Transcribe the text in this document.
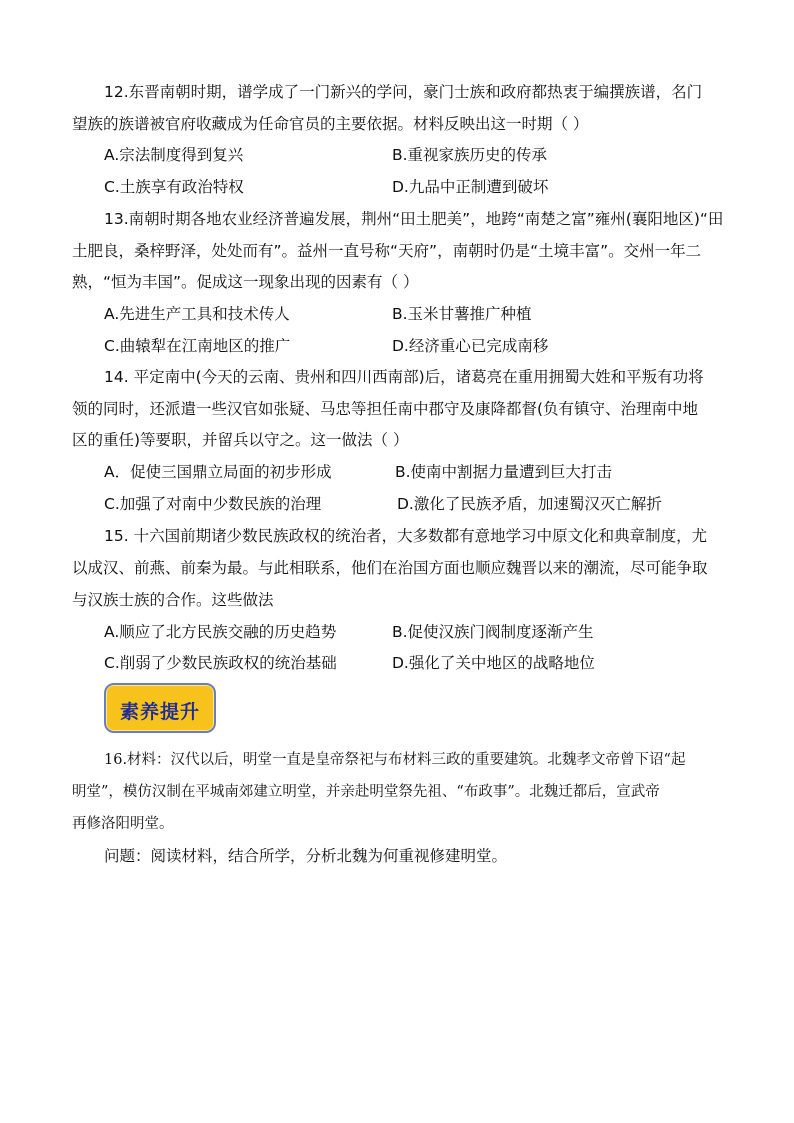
12.东晋南朝时期，谱学成了一门新兴的学问，豪门士族和政府都热衷于编撰族谱，名门
望族的族谱被官府收藏成为任命官员的主要依据。材料反映出这一时期（ ）
A.宗法制度得到复兴	B.重视家族历史的传承
C.土族享有政治特权	D.九品中正制遭到破坏
13.南朝时期各地农业经济普遍发展，荆州“田土肥美”，地跨“南楚之富”雍州(襄阳地区)“田
土肥良，桑梓野泽，处处而有”。益州一直号称“天府”，南朝时仍是“土境丰富”。交州一年二
熟，“恒为丰国”。促成这一现象出现的因素有（ ）
A.先进生产工具和技术传人	B.玉米甘薯推广种植
C.曲辕犁在江南地区的推广	D.经济重心已完成南移
14. 平定南中(今天的云南、贵州和四川西南部)后，诸葛亮在重用拥蜀大姓和平叛有功将
领的同时，还派遣一些汉官如张疑、马忠等担任南中郡守及康降都督(负有镇守、治理南中地
区的重任)等要职，并留兵以守之。这一做法（ ）
A．促使三国鼎立局面的初步形成	B.使南中割据力量遭到巨大打击
C.加强了对南中少数民族的治理	D.激化了民族矛盾，加速蜀汉灭亡解折
15. 十六国前期诸少数民族政权的统治者，大多数都有意地学习中原文化和典章制度，尤
以成汉、前燕、前秦为最。与此相联系，他们在治国方面也顺应魏晋以来的潮流，尽可能争取
与汉族士族的合作。这些做法
A.顺应了北方民族交融的历史趋势	B.促使汉族门阀制度逐渐产生
C.削弱了少数民族政权的统治基础	D.强化了关中地区的战略地位
素养提升
16.材料：汉代以后，明堂一直是皇帝祭祀与布材料三政的重要建筑。北魏孝文帝曾下诏“起
明堂”，模仿汉制在平城南郊建立明堂，并亲赴明堂祭先祖、“布政事”。北魏迁都后，宣武帝
再修洛阳明堂。
问题：阅读材料，结合所学，分析北魏为何重视修建明堂。
